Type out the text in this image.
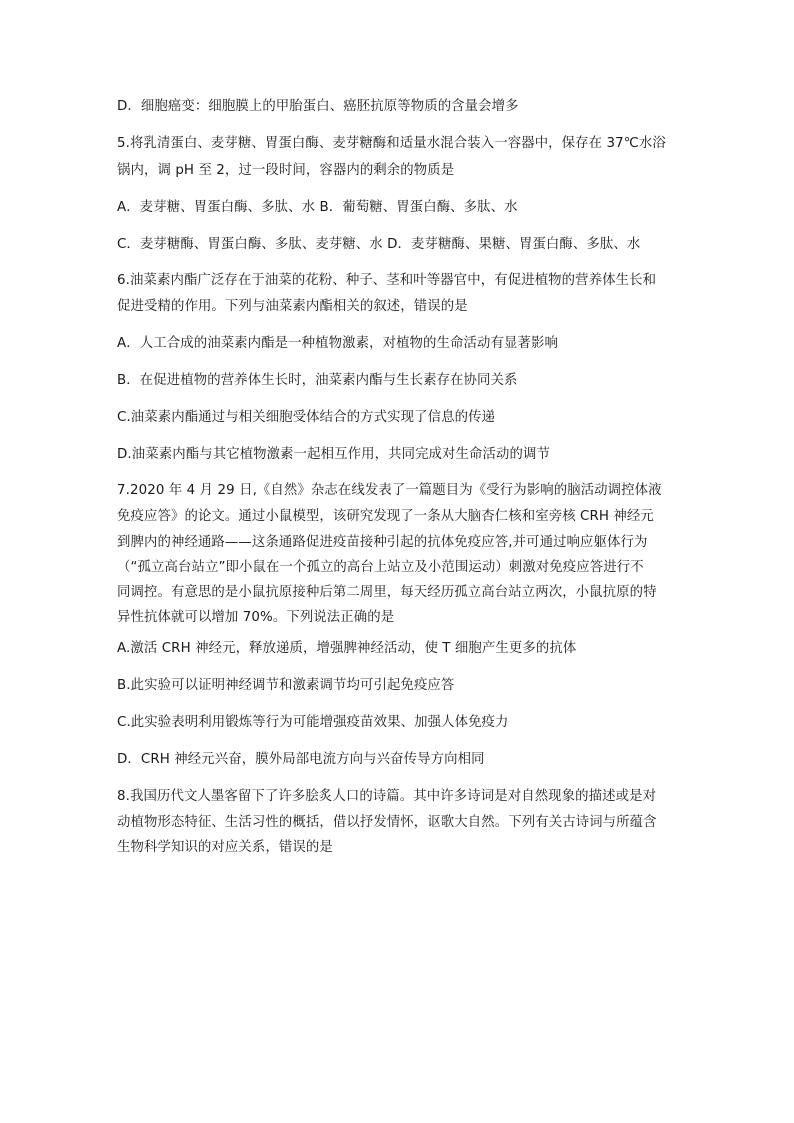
D．细胞癌变：细胞膜上的甲胎蛋白、癌胚抗原等物质的含量会增多
5.将乳清蛋白、麦芽糖、胃蛋白酶、麦芽糖酶和适量水混合装入一容器中，保存在 37℃水浴
锅内，调 pH 至 2，过一段时间，容器内的剩余的物质是
A．麦芽糖、胃蛋白酶、多肽、水 B．葡萄糖、胃蛋白酶、多肽、水
C．麦芽糖酶、胃蛋白酶、多肽、麦芽糖、水 D．麦芽糖酶、果糖、胃蛋白酶、多肽、水
6.油菜素内酯广泛存在于油菜的花粉、种子、茎和叶等器官中，有促进植物的营养体生长和
促进受精的作用。下列与油菜素内酯相关的叙述，错误的是
A．人工合成的油菜素内酯是一种植物激素，对植物的生命活动有显著影响
B．在促进植物的营养体生长时，油菜素内酯与生长素存在协同关系
C.油菜素内酯通过与相关细胞受体结合的方式实现了信息的传递
D.油菜素内酯与其它植物激素一起相互作用，共同完成对生命活动的调节
7.2020 年 4 月 29 日,《自然》杂志在线发表了一篇题目为《受行为影响的脑活动调控体液
免疫应答》的论文。通过小鼠模型，该研究发现了一条从大脑杏仁核和室旁核 CRH 神经元
到脾内的神经通路——这条通路促进疫苗接种引起的抗体免疫应答,并可通过响应躯体行为
（“孤立高台站立”即小鼠在一个孤立的高台上站立及小范围运动）刺激对免疫应答进行不
同调控。有意思的是小鼠抗原接种后第二周里，每天经历孤立高台站立两次，小鼠抗原的特
异性抗体就可以增加 70%。下列说法正确的是
A.激活 CRH 神经元，释放递质，增强脾神经活动，使 T 细胞产生更多的抗体
B.此实验可以证明神经调节和激素调节均可引起免疫应答
C.此实验表明利用锻炼等行为可能增强疫苗效果、加强人体免疫力
D．CRH 神经元兴奋，膜外局部电流方向与兴奋传导方向相同
8.我国历代文人墨客留下了许多脍炙人口的诗篇。其中许多诗词是对自然现象的描述或是对
动植物形态特征、生活习性的概括，借以抒发情怀，讴歌大自然。下列有关古诗词与所蕴含
生物科学知识的对应关系，错误的是
